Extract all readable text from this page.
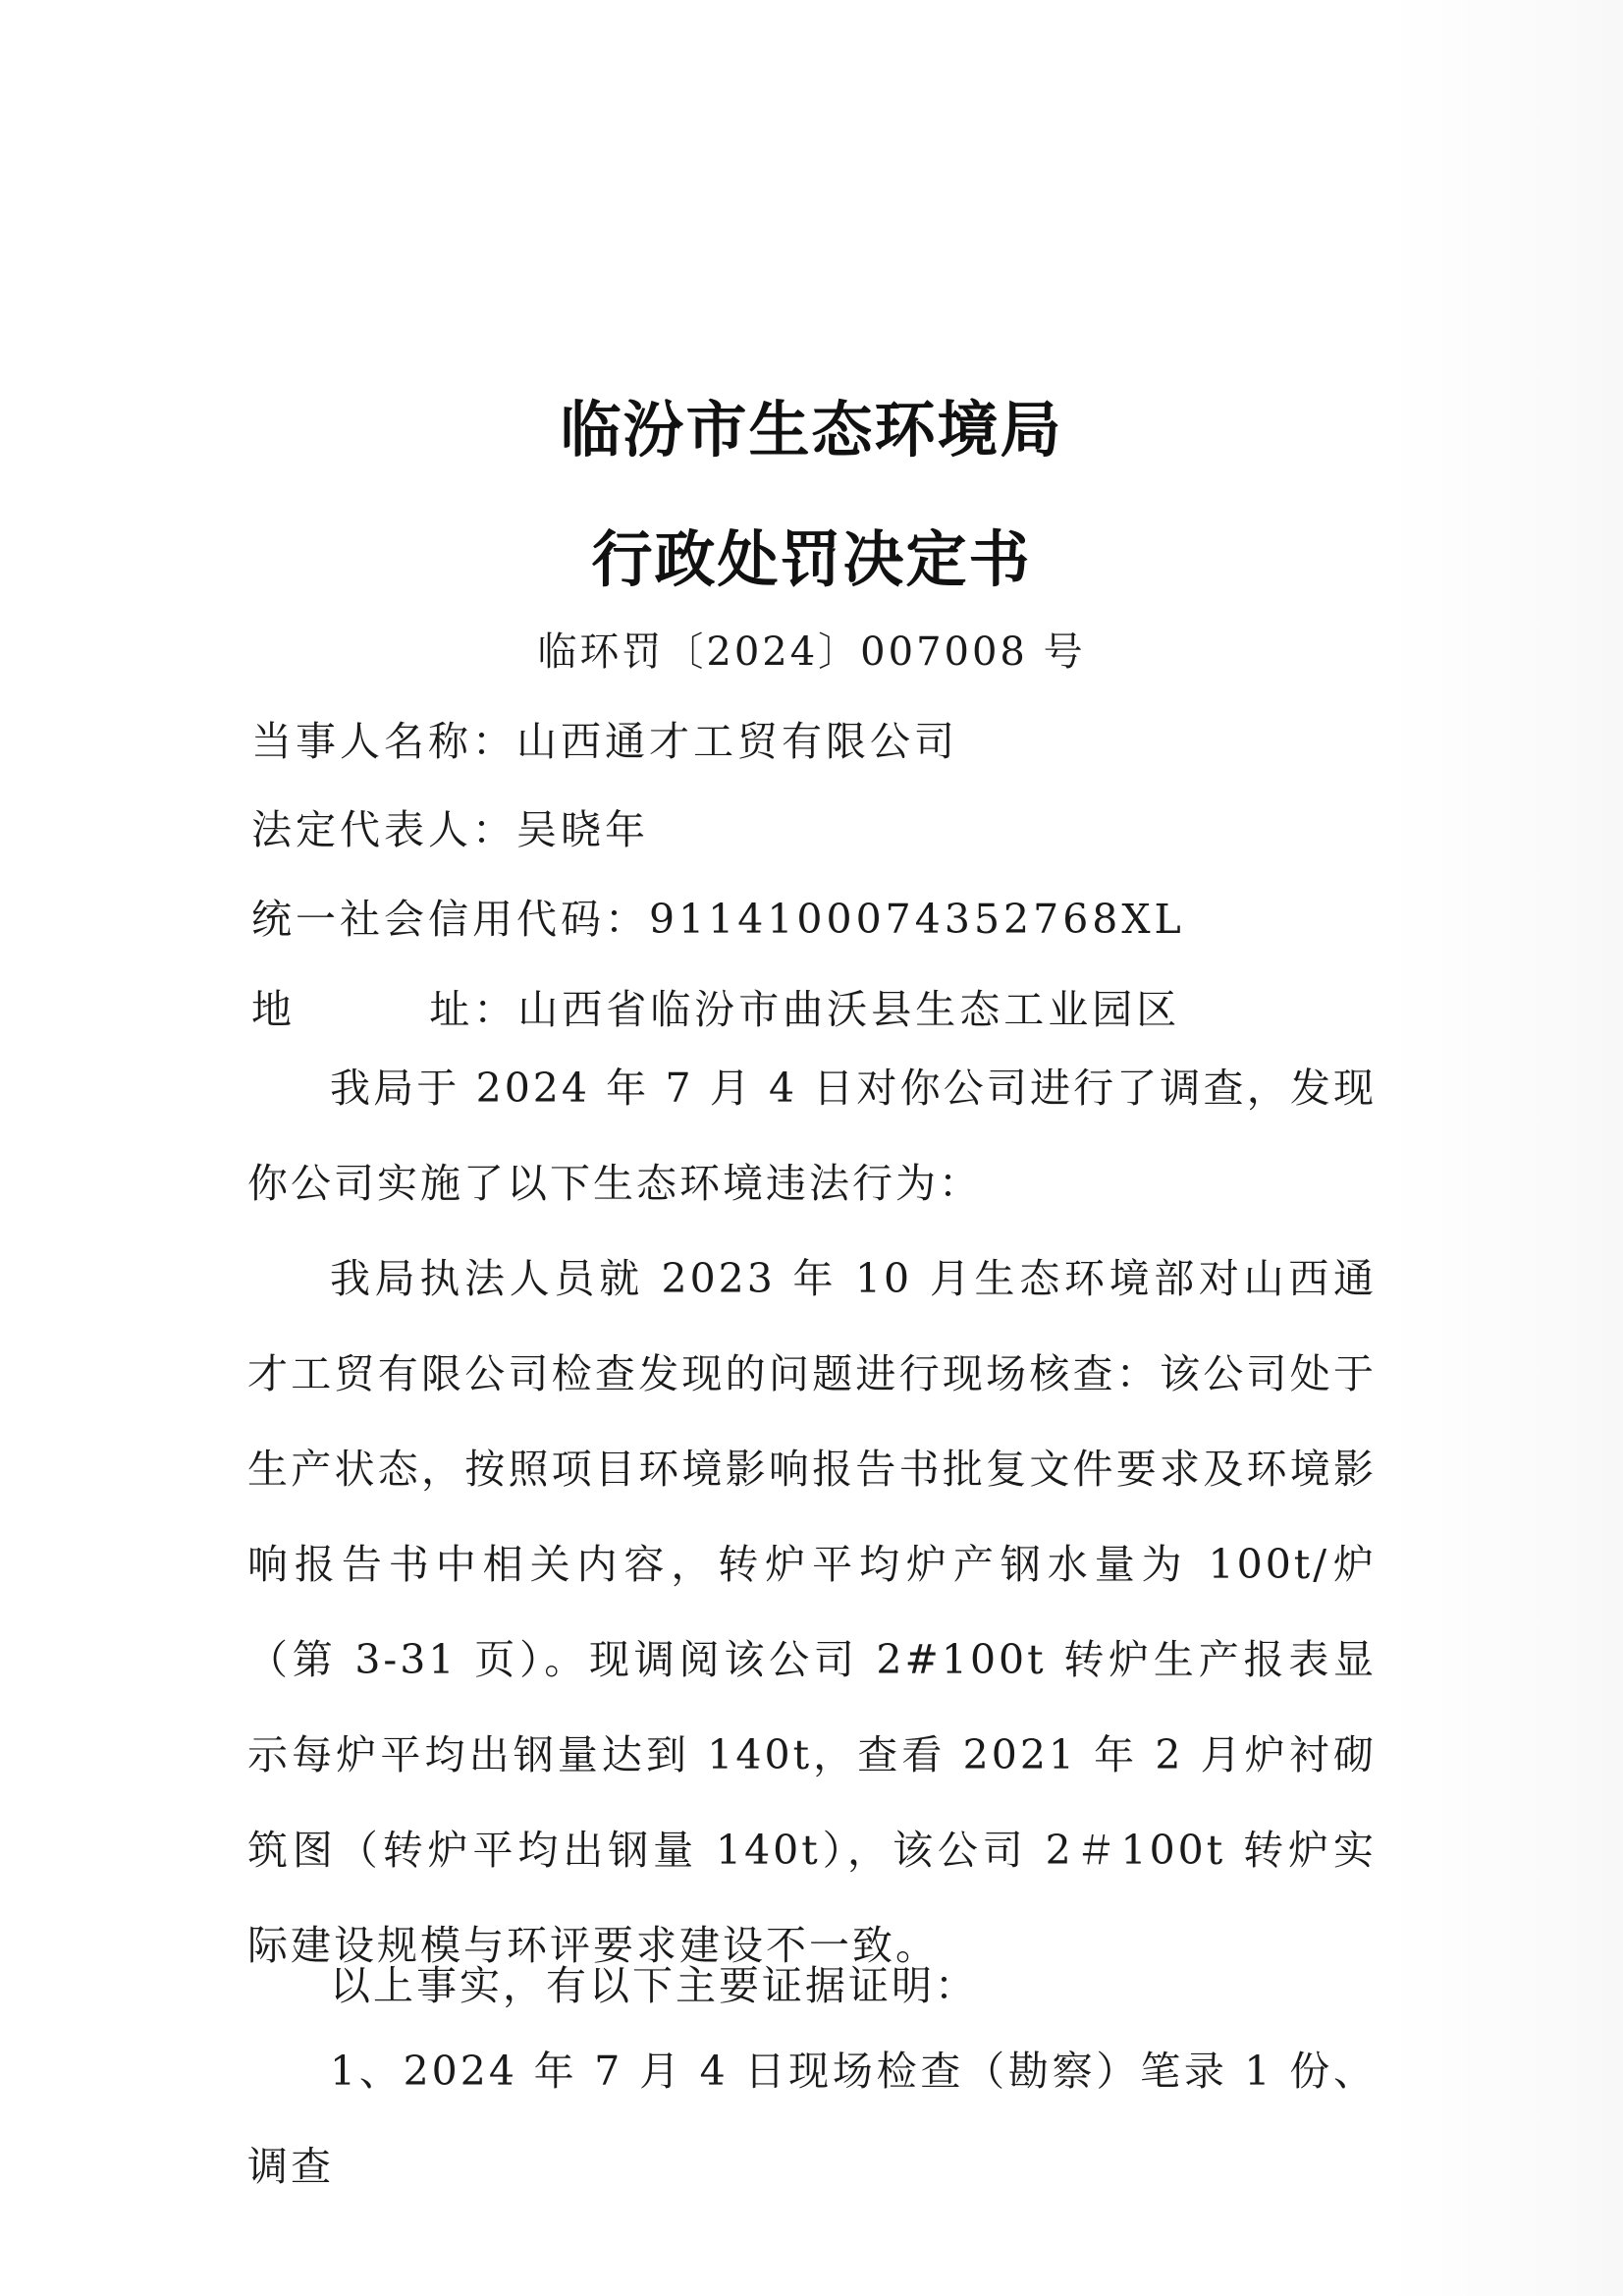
临汾市生态环境局
行政处罚决定书
临环罚〔2024〕007008 号
当事人名称：山西通才工贸有限公司
法定代表人：吴晓年
统一社会信用代码：9114100074352768XL
地        址：山西省临汾市曲沃县生态工业园区
我局于 2024 年 7 月 4 日对你公司进行了调查，发现你公司实施了以下生态环境违法行为：
我局执法人员就 2023 年 10 月生态环境部对山西通才工贸有限公司检查发现的问题进行现场核查：该公司处于生产状态，按照项目环境影响报告书批复文件要求及环境影响报告书中相关内容，转炉平均炉产钢水量为 100t/炉（第 3-31 页）。现调阅该公司 2#100t 转炉生产报表显示每炉平均出钢量达到 140t，查看 2021 年 2 月炉衬砌筑图（转炉平均出钢量 140t），该公司 2＃100t 转炉实际建设规模与环评要求建设不一致。
以上事实，有以下主要证据证明：
1、2024 年 7 月 4 日现场检查（勘察）笔录 1 份、调查
